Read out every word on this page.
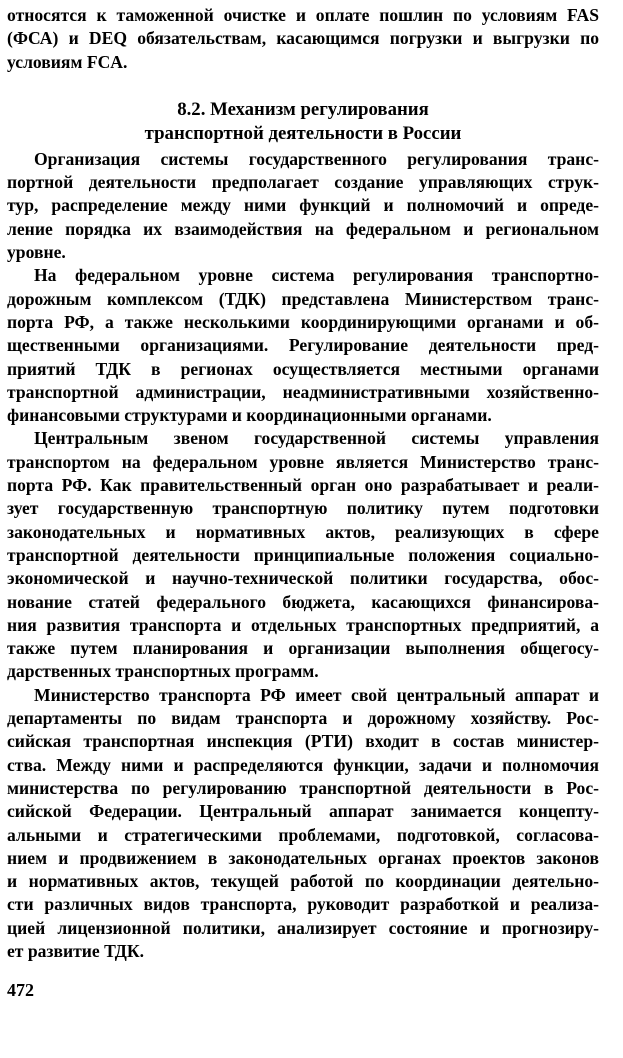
относятся к таможенной очистке и оплате пошлин по условиям FAS
(ФСА) и DEQ обязательствам, касающимся погрузки и выгрузки по
условиям FCA.
8.2. Механизм регулирования
транспортной деятельности в России
Организация системы государственного регулирования транс-
портной деятельности предполагает создание управляющих струк-
тур, распределение между ними функций и полномочий и опреде-
ление порядка их взаимодействия на федеральном и региональном
уровне.
На федеральном уровне система регулирования транспортно-
дорожным комплексом (ТДК) представлена Министерством транс-
порта РФ, а также несколькими координирующими органами и об-
щественными организациями. Регулирование деятельности пред-
приятий ТДК в регионах осуществляется местными органами
транспортной администрации, неадминистративными хозяйственно-
финансовыми структурами и координационными органами.
Центральным звеном государственной системы управления
транспортом на федеральном уровне является Министерство транс-
порта РФ. Как правительственный орган оно разрабатывает и реали-
зует государственную транспортную политику путем подготовки
законодательных и нормативных актов, реализующих в сфере
транспортной деятельности принципиальные положения социально-
экономической и научно-технической политики государства, обос-
нование статей федерального бюджета, касающихся финансирова-
ния развития транспорта и отдельных транспортных предприятий, а
также путем планирования и организации выполнения общегосу-
дарственных транспортных программ.
Министерство транспорта РФ имеет свой центральный аппарат и
департаменты по видам транспорта и дорожному хозяйству. Рос-
сийская транспортная инспекция (РТИ) входит в состав министер-
ства. Между ними и распределяются функции, задачи и полномочия
министерства по регулированию транспортной деятельности в Рос-
сийской Федерации. Центральный аппарат занимается концепту-
альными и стратегическими проблемами, подготовкой, согласова-
нием и продвижением в законодательных органах проектов законов
и нормативных актов, текущей работой по координации деятельно-
сти различных видов транспорта, руководит разработкой и реализа-
цией лицензионной политики, анализирует состояние и прогнозиру-
ет развитие ТДК.
472
